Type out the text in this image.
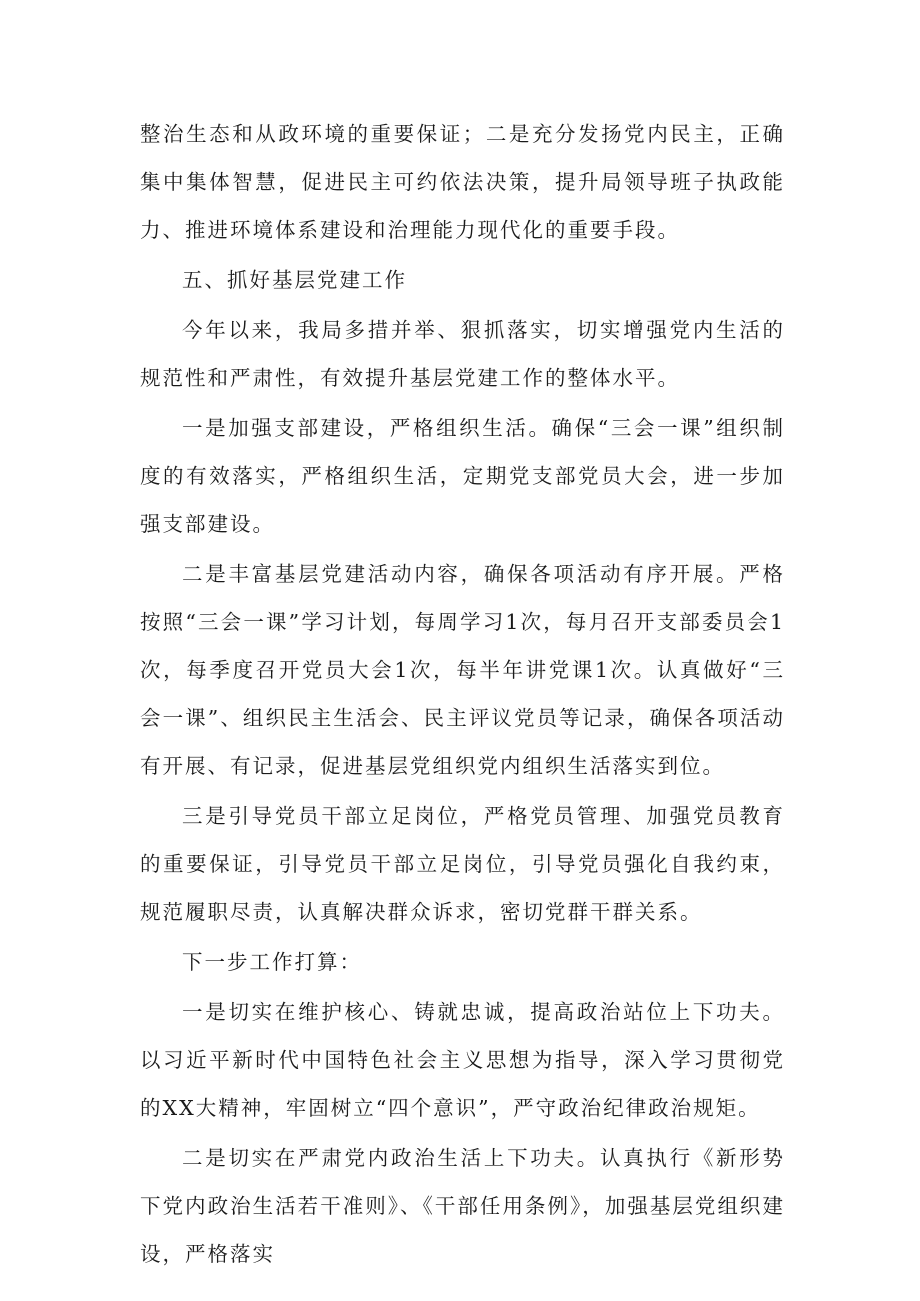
整治生态和从政环境的重要保证；二是充分发扬党内民主，正确集中集体智慧，促进民主可约依法决策，提升局领导班子执政能力、推进环境体系建设和治理能力现代化的重要手段。

五、抓好基层党建工作

今年以来，我局多措并举、狠抓落实，切实增强党内生活的规范性和严肃性，有效提升基层党建工作的整体水平。

一是加强支部建设，严格组织生活。确保“三会一课”组织制度的有效落实，严格组织生活，定期党支部党员大会，进一步加强支部建设。

二是丰富基层党建活动内容，确保各项活动有序开展。严格按照“三会一课”学习计划，每周学习1次，每月召开支部委员会1次，每季度召开党员大会1次，每半年讲党课1次。认真做好“三会一课”、组织民主生活会、民主评议党员等记录，确保各项活动有开展、有记录，促进基层党组织党内组织生活落实到位。

三是引导党员干部立足岗位，严格党员管理、加强党员教育的重要保证，引导党员干部立足岗位，引导党员强化自我约束，规范履职尽责，认真解决群众诉求，密切党群干群关系。

下一步工作打算：

一是切实在维护核心、铸就忠诚，提高政治站位上下功夫。以习近平新时代中国特色社会主义思想为指导，深入学习贯彻党的XX大精神，牢固树立“四个意识”，严守政治纪律政治规矩。

二是切实在严肃党内政治生活上下功夫。认真执行《新形势下党内政治生活若干准则》、《干部任用条例》，加强基层党组织建设，严格落实
